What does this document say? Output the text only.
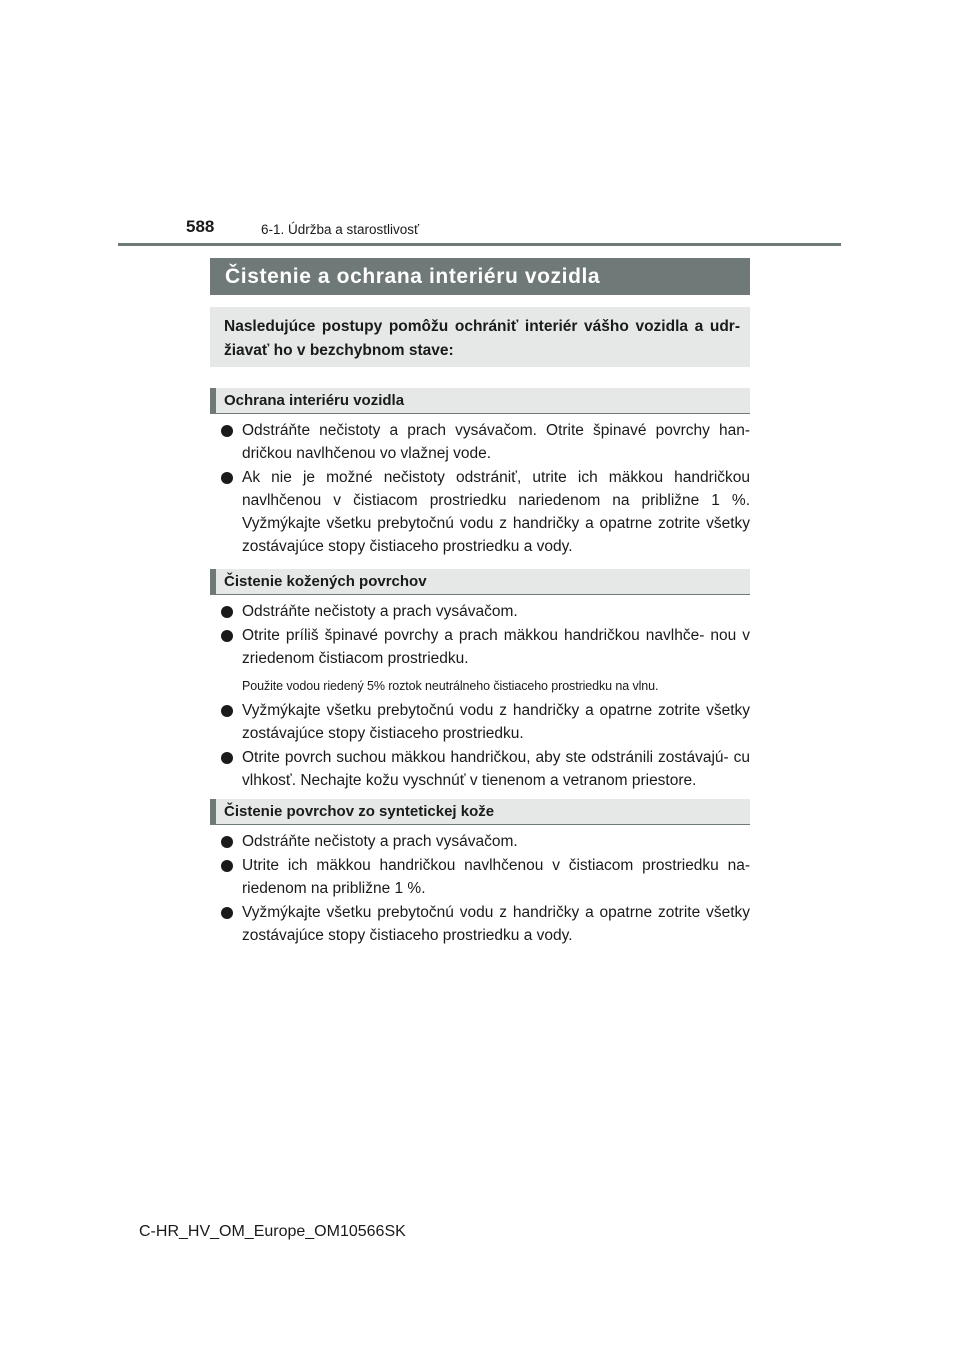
588	6-1. Údržba a starostlivosť
Čistenie a ochrana interiéru vozidla
Nasledujúce postupy pomôžu ochrániť interiér vášho vozidla a udr- žiavať ho v bezchybnom stave:
Ochrana interiéru vozidla
Odstráňte nečistoty a prach vysávačom. Otrite špinavé povrchy han- dričkou navlhčenou vo vlažnej vode.
Ak nie je možné nečistoty odstrániť, utrite ich mäkkou handričkou navlhčenou v čistiacom prostriedku nariedenom na približne 1 %. Vyžmýkajte všetku prebytočnú vodu z handričky a opatrne zotrite všetky zostávajúce stopy čistiaceho prostriedku a vody.
Čistenie kožených povrchov
Odstráňte nečistoty a prach vysávačom.
Otrite príliš špinavé povrchy a prach mäkkou handričkou navlhče- nou v zriedenom čistiacom prostriedku.
Použite vodou riedený 5% roztok neutrálneho čistiaceho prostriedku na vlnu.
Vyžmýkajte všetku prebytočnú vodu z handričky a opatrne zotrite všetky zostávajúce stopy čistiaceho prostriedku.
Otrite povrch suchou mäkkou handričkou, aby ste odstránili zostávajú- cu vlhkosť. Nechajte kožu vyschnúť v tienenom a vetranom priestore.
Čistenie povrchov zo syntetickej kože
Odstráňte nečistoty a prach vysávačom.
Utrite ich mäkkou handričkou navlhčenou v čistiacom prostriedku na- riedenom na približne 1 %.
Vyžmýkajte všetku prebytočnú vodu z handričky a opatrne zotrite všetky zostávajúce stopy čistiaceho prostriedku a vody.
C-HR_HV_OM_Europe_OM10566SK
